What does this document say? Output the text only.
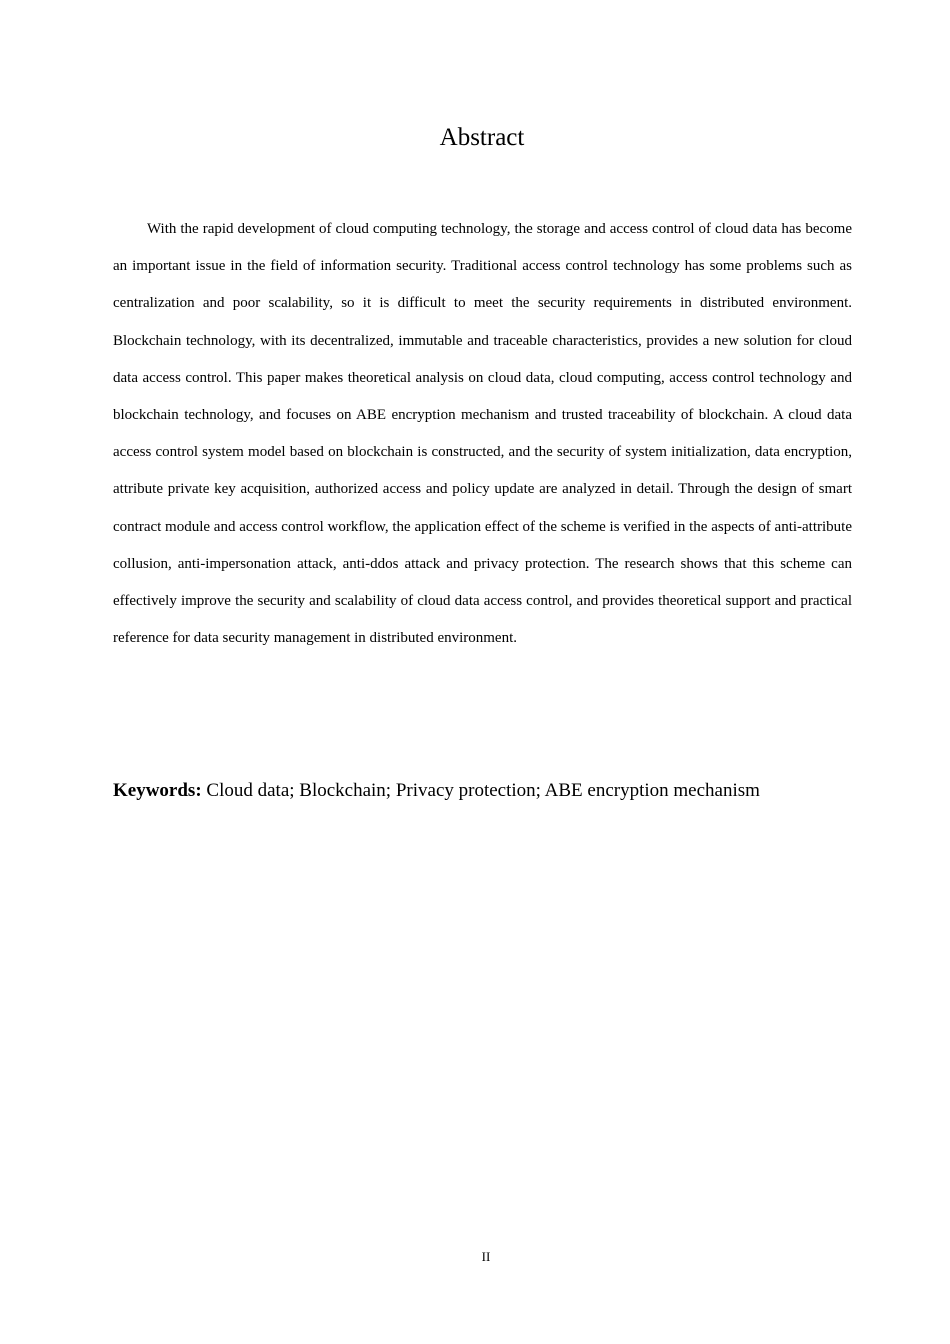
Abstract

With the rapid development of cloud computing technology, the storage and access control of cloud data has become an important issue in the field of information security. Traditional access control technology has some problems such as centralization and poor scalability, so it is difficult to meet the security requirements in distributed environment. Blockchain technology, with its decentralized, immutable and traceable characteristics, provides a new solution for cloud data access control. This paper makes theoretical analysis on cloud data, cloud computing, access control technology and blockchain technology, and focuses on ABE encryption mechanism and trusted traceability of blockchain. A cloud data access control system model based on blockchain is constructed, and the security of system initialization, data encryption, attribute private key acquisition, authorized access and policy update are analyzed in detail. Through the design of smart contract module and access control workflow, the application effect of the scheme is verified in the aspects of anti-attribute collusion, anti-impersonation attack, anti-ddos attack and privacy protection. The research shows that this scheme can effectively improve the security and scalability of cloud data access control, and provides theoretical support and practical reference for data security management in distributed environment.

Keywords: Cloud data; Blockchain; Privacy protection; ABE encryption mechanism

II
